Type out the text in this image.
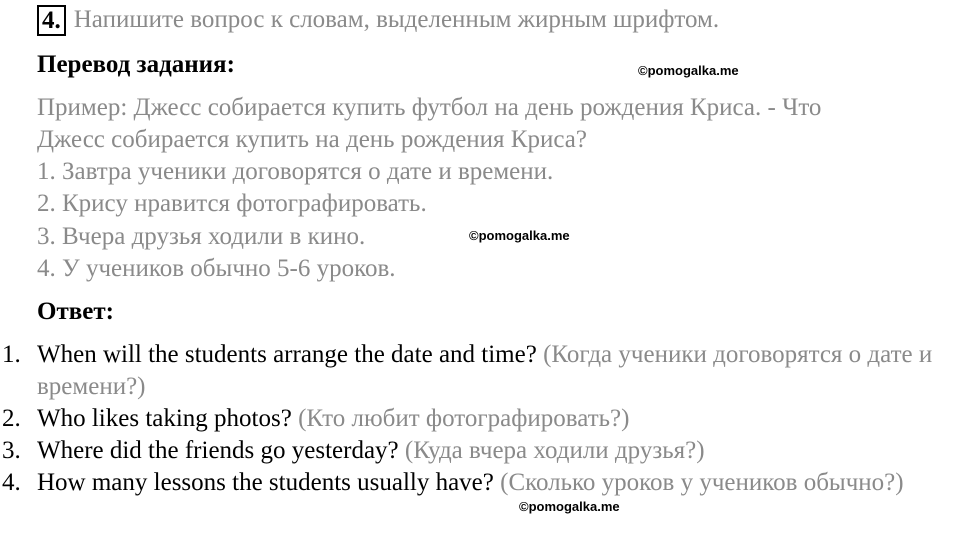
4. Напишите вопрос к словам, выделенным жирным шрифтом.
Перевод задания:	©pomogalka.me
Пример: Джесс собирается купить футбол на день рождения Криса. - Что
Джесс собирается купить на день рождения Криса?
1. Завтра ученики договорятся о дате и времени.
2. Крису нравится фотографировать.
3. Вчера друзья ходили в кино.	©pomogalka.me
4. У учеников обычно 5-6 уроков.
Ответ:
1. When will the students arrange the date and time? (Когда ученики договорятся о дате и времени?)
2. Who likes taking photos? (Кто любит фотографировать?)
3. Where did the friends go yesterday? (Куда вчера ходили друзья?)
4. How many lessons the students usually have? (Сколько уроков у учеников обычно?)
©pomogalka.me
